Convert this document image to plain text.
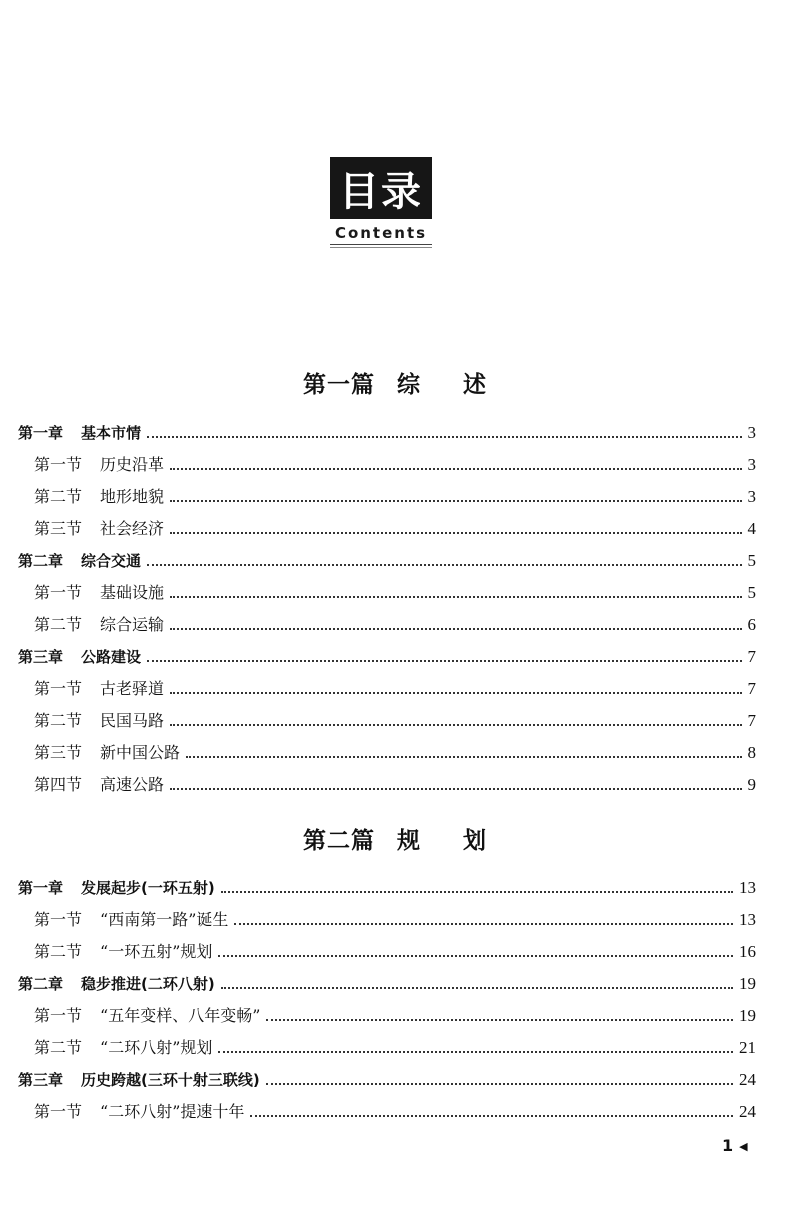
目录
Contents
第一篇 综 述
第一章 基本市情	3
第一节 历史沿革	3
第二节 地形地貌	3
第三节 社会经济	4
第二章 综合交通	5
第一节 基础设施	5
第二节 综合运输	6
第三章 公路建设	7
第一节 古老驿道	7
第二节 民国马路	7
第三节 新中国公路	8
第四节 高速公路	9
第二篇 规 划
第一章 发展起步(一环五射)	13
第一节 “西南第一路”诞生	13
第二节 “一环五射”规划	16
第二章 稳步推进(二环八射)	19
第一节 “五年变样、八年变畅”	19
第二节 “二环八射”规划	21
第三章 历史跨越(三环十射三联线)	24
第一节 “二环八射”提速十年	24
1 ◀
